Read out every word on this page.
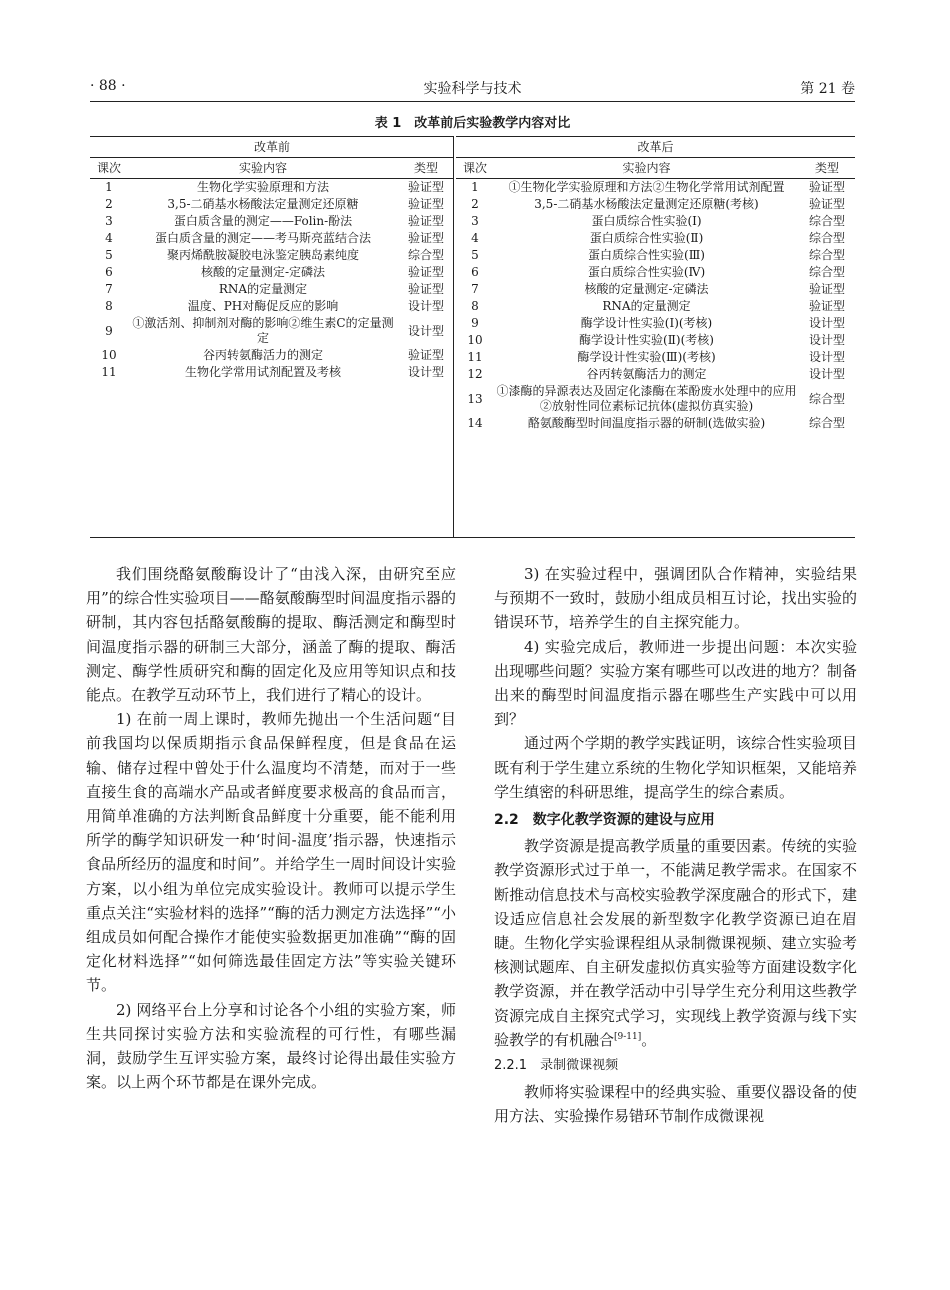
· 88 ·	实验科学与技术	第 21 卷
表 1　改革前后实验教学内容对比
改革前		
课次	实验内容	类型
1	生物化学实验原理和方法	验证型
2	3,5-二硝基水杨酸法定量测定还原糖	验证型
3	蛋白质含量的测定——Folin-酚法	验证型
4	蛋白质含量的测定——考马斯亮蓝结合法	验证型
5	聚丙烯酰胺凝胶电泳鉴定胰岛素纯度	综合型
6	核酸的定量测定-定磷法	验证型
7	RNA的定量测定	验证型
8	温度、PH对酶促反应的影响	设计型
9	①激活剂、抑制剂对酶的影响②维生素C的定量测定	设计型
10	谷丙转氨酶活力的测定	验证型
11	生物化学常用试剂配置及考核	设计型
改革后		
课次	实验内容	类型
1	①生物化学实验原理和方法②生物化学常用试剂配置	验证型
2	3,5-二硝基水杨酸法定量测定还原糖(考核)	验证型
3	蛋白质综合性实验(Ⅰ)	综合型
4	蛋白质综合性实验(Ⅱ)	综合型
5	蛋白质综合性实验(Ⅲ)	综合型
6	蛋白质综合性实验(Ⅳ)	综合型
7	核酸的定量测定-定磷法	验证型
8	RNA的定量测定	验证型
9	酶学设计性实验(Ⅰ)(考核)	设计型
10	酶学设计性实验(Ⅱ)(考核)	设计型
11	酶学设计性实验(Ⅲ)(考核)	设计型
12	谷丙转氨酶活力的测定	设计型
13	①漆酶的异源表达及固定化漆酶在苯酚废水处理中的应用②放射性同位素标记抗体(虚拟仿真实验)	综合型
14	酪氨酸酶型时间温度指示器的研制(选做实验)	综合型

我们围绕酪氨酸酶设计了“由浅入深，由研究至应用”的综合性实验项目——酪氨酸酶型时间温度指示器的研制，其内容包括酪氨酸酶的提取、酶活测定和酶型时间温度指示器的研制三大部分，涵盖了酶的提取、酶活测定、酶学性质研究和酶的固定化及应用等知识点和技能点。在教学互动环节上，我们进行了精心的设计。

1) 在前一周上课时，教师先抛出一个生活问题“目前我国均以保质期指示食品保鲜程度，但是食品在运输、储存过程中曾处于什么温度均不清楚，而对于一些直接生食的高端水产品或者鲜度要求极高的食品而言，用简单准确的方法判断食品鲜度十分重要，能不能利用所学的酶学知识研发一种‘时间-温度’指示器，快速指示食品所经历的温度和时间”。并给学生一周时间设计实验方案，以小组为单位完成实验设计。教师可以提示学生重点关注“实验材料的选择”“酶的活力测定方法选择”“小组成员如何配合操作才能使实验数据更加准确”“酶的固定化材料选择”“如何筛选最佳固定方法”等实验关键环节。

2) 网络平台上分享和讨论各个小组的实验方案，师生共同探讨实验方法和实验流程的可行性，有哪些漏洞，鼓励学生互评实验方案，最终讨论得出最佳实验方案。以上两个环节都是在课外完成。

3) 在实验过程中，强调团队合作精神，实验结果与预期不一致时，鼓励小组成员相互讨论，找出实验的错误环节，培养学生的自主探究能力。

4) 实验完成后，教师进一步提出问题：本次实验出现哪些问题？实验方案有哪些可以改进的地方？制备出来的酶型时间温度指示器在哪些生产实践中可以用到？

通过两个学期的教学实践证明，该综合性实验项目既有利于学生建立系统的生物化学知识框架，又能培养学生缜密的科研思维，提高学生的综合素质。

2.2　数字化教学资源的建设与应用

教学资源是提高教学质量的重要因素。传统的实验教学资源形式过于单一，不能满足教学需求。在国家不断推动信息技术与高校实验教学深度融合的形式下，建设适应信息社会发展的新型数字化教学资源已迫在眉睫。生物化学实验课程组从录制微课视频、建立实验考核测试题库、自主研发虚拟仿真实验等方面建设数字化教学资源，并在教学活动中引导学生充分利用这些教学资源完成自主探究式学习，实现线上教学资源与线下实验教学的有机融合[9-11]。

2.2.1　录制微课视频

教师将实验课程中的经典实验、重要仪器设备的使用方法、实验操作易错环节制作成微课视
